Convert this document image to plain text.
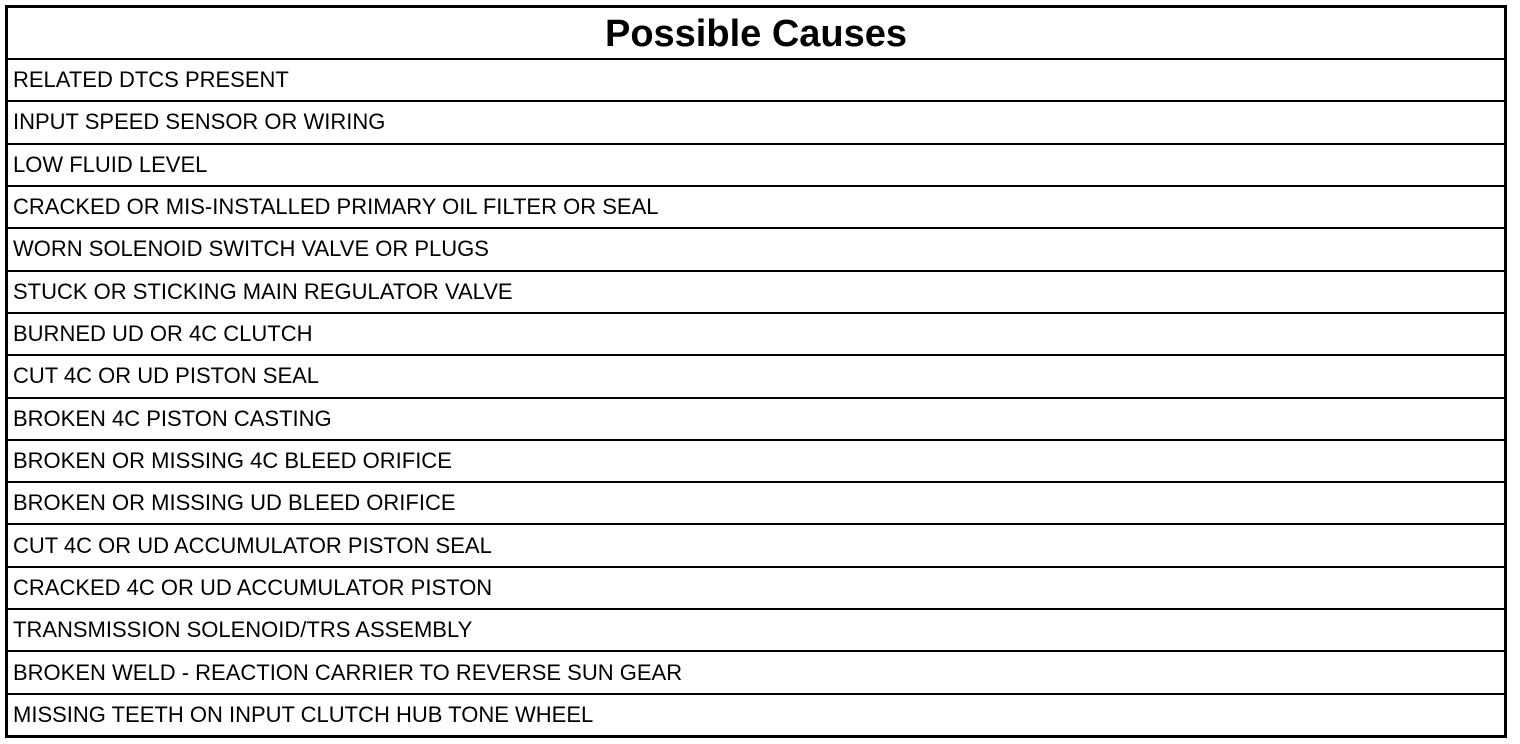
Possible Causes
RELATED DTCS PRESENT
INPUT SPEED SENSOR OR WIRING
LOW FLUID LEVEL
CRACKED OR MIS-INSTALLED PRIMARY OIL FILTER OR SEAL
WORN SOLENOID SWITCH VALVE OR PLUGS
STUCK OR STICKING MAIN REGULATOR VALVE
BURNED UD OR 4C CLUTCH
CUT 4C OR UD PISTON SEAL
BROKEN 4C PISTON CASTING
BROKEN OR MISSING 4C BLEED ORIFICE
BROKEN OR MISSING UD BLEED ORIFICE
CUT 4C OR UD ACCUMULATOR PISTON SEAL
CRACKED 4C OR UD ACCUMULATOR PISTON
TRANSMISSION SOLENOID/TRS ASSEMBLY
BROKEN WELD - REACTION CARRIER TO REVERSE SUN GEAR
MISSING TEETH ON INPUT CLUTCH HUB TONE WHEEL
